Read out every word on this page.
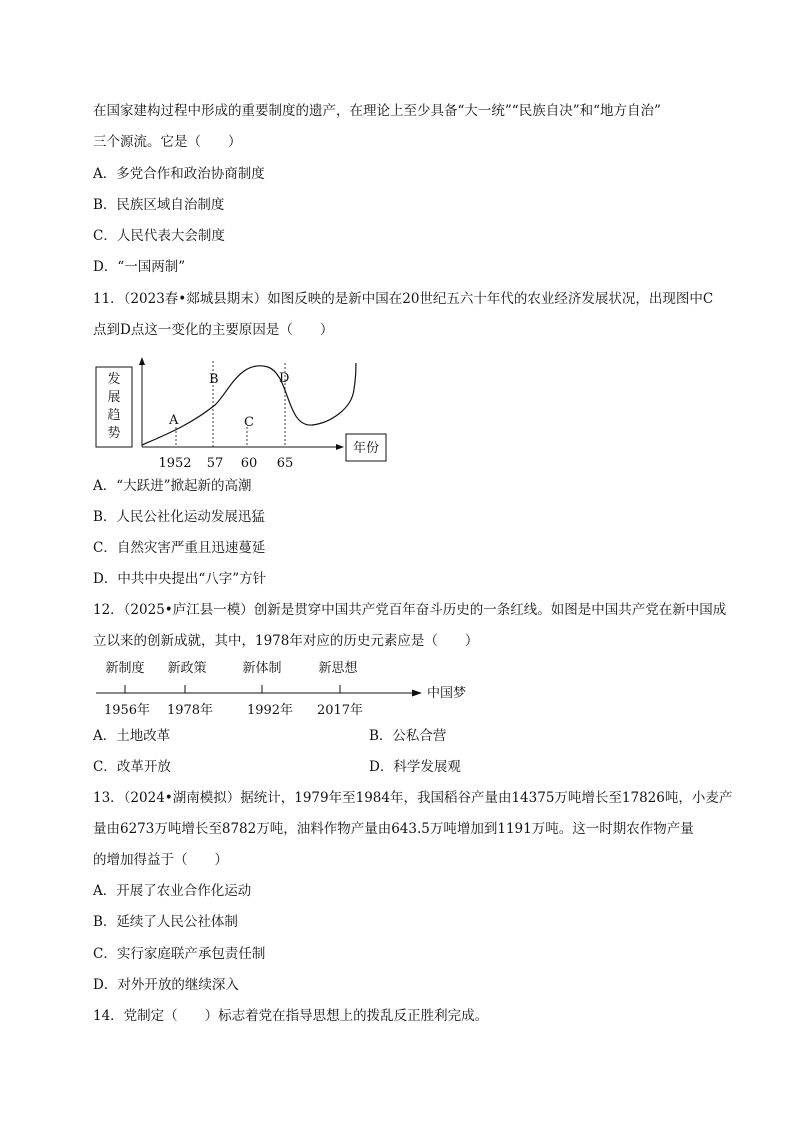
在国家建构过程中形成的重要制度的遗产，在理论上至少具备“大一统”“民族自决”和“地方自治”
三个源流。它是（　　）
A．多党合作和政治协商制度
B．民族区域自治制度
C．人民代表大会制度
D．“一国两制”
11．（2023春•郯城县期末）如图反映的是新中国在20世纪五六十年代的农业经济发展状况，出现图中C
点到D点这一变化的主要原因是（　　）
发展趋势
年份
A
B
C
D
1952 57 60 65
A．“大跃进”掀起新的高潮
B．人民公社化运动发展迅猛
C．自然灾害严重且迅速蔓延
D．中共中央提出“八字”方针
12．（2025•庐江县一模）创新是贯穿中国共产党百年奋斗历史的一条红线。如图是中国共产党在新中国成
立以来的创新成就，其中，1978年对应的历史元素应是（　　）
新制度 新政策	新体制	新思想
1956年 1978年	1992年 2017年
中国梦
A．土地改革	B．公私合营
C．改革开放	D．科学发展观
13．（2024•湖南模拟）据统计，1979年至1984年，我国稻谷产量由14375万吨增长至17826吨，小麦产
量由6273万吨增长至8782万吨，油料作物产量由643.5万吨增加到1191万吨。这一时期农作物产量
的增加得益于（　　）
A．开展了农业合作化运动
B．延续了人民公社体制
C．实行家庭联产承包责任制
D．对外开放的继续深入
14．党制定（　　）标志着党在指导思想上的拨乱反正胜利完成。
